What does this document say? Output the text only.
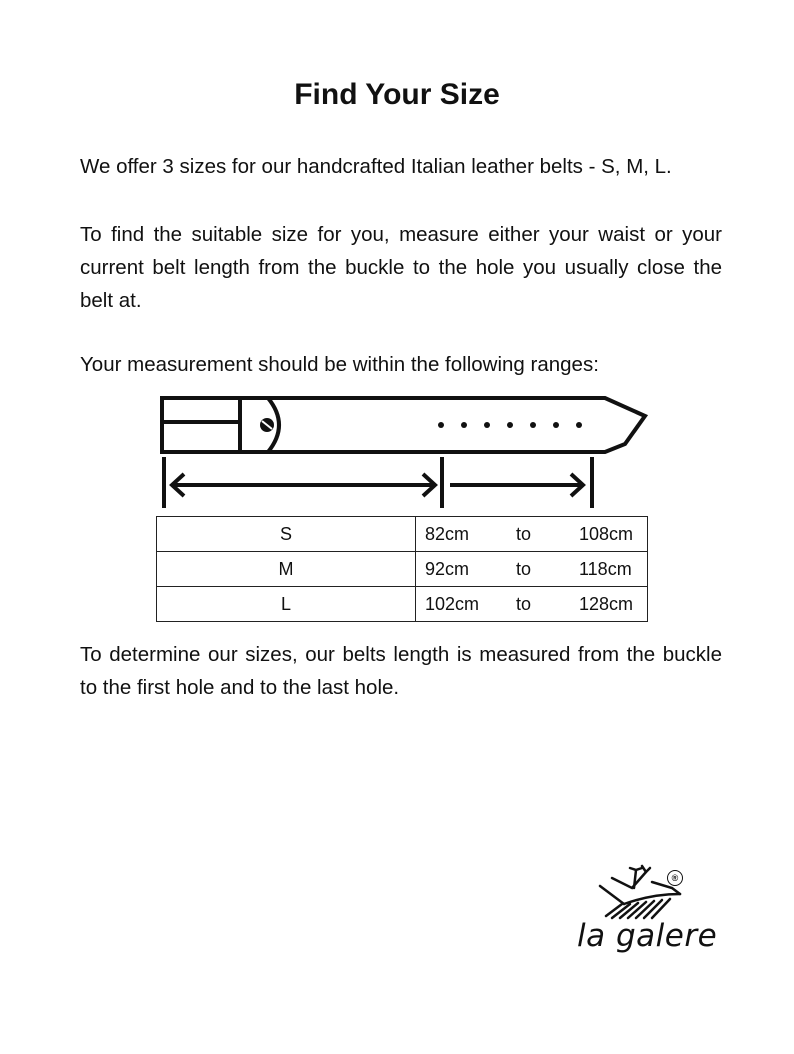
Find Your Size

We offer 3 sizes for our handcrafted Italian leather belts - S, M, L.

To find the suitable size for you, measure either your waist or your current belt length from the buckle to the hole you usually close the belt at.

Your measurement should be within the following ranges:

S	82cm to 108cm

M	92cm to 118cm

L	102cm to 128cm

To determine our sizes, our belts length is measured from the buckle to the first hole and to the last hole.

®
la galere
